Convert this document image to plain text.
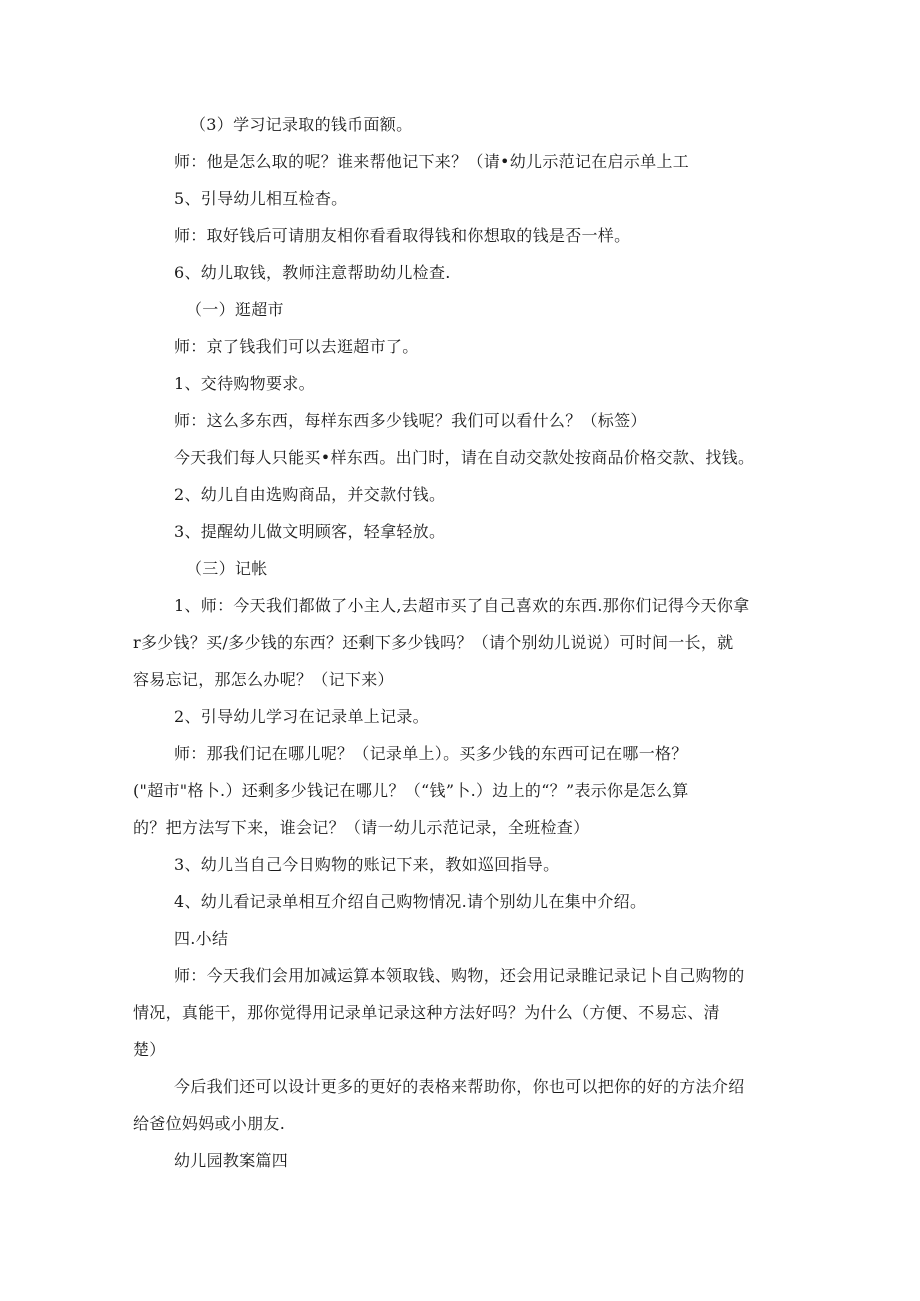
（3）学习记录取的钱币面额。
师：他是怎么取的呢？谁来帮他记下来？（请•幼儿示范记在启示单上工
5、引导幼儿相互检杳。
师：取好钱后可请朋友相你看看取得钱和你想取的钱是否一样。
6、幼儿取钱，教师注意帮助幼儿检查.
（一）逛超市
师：京了钱我们可以去逛超市了。
1、交待购物要求。
师：这么多东西，每样东西多少钱呢？我们可以看什么？（标签）
今天我们每人只能买•样东西。出门时，请在自动交款处按商品价格交款、找钱。
2、幼儿自由选购商品，并交款付钱。
3、提醒幼儿做文明顾客，轻拿轻放。
（三）记帐
1、师：今天我们都做了小主人,去超市买了自己喜欢的东西.那你们记得今天你拿
r多少钱？买/多少钱的东西？还剩下多少钱吗？（请个别幼儿说说）可时间一长，就
容易忘记，那怎么办呢？（记下来）
2、引导幼儿学习在记录单上记录。
师：那我们记在哪儿呢？（记录单上）。买多少钱的东西可记在哪一格？
("超市"格卜.）还剩多少钱记在哪儿？（“钱”卜.）边上的“？”表示你是怎么算
的？把方法写下来，谁会记？（请一幼儿示范记录，全班检查）
3、幼儿当自己今日购物的账记下来，教如巡回指导。
4、幼儿看记录单相互介绍自己购物情况.请个别幼儿在集中介绍。
四.小结
师：今天我们会用加减运算本领取钱、购物，还会用记录睢记录记卜自己购物的
情况，真能干，那你觉得用记录单记录这种方法好吗？为什么（方便、不易忘、清
楚）
今后我们还可以设计更多的更好的表格来帮助你，你也可以把你的好的方法介绍
给爸位妈妈或小朋友.
幼儿园教案篇四
